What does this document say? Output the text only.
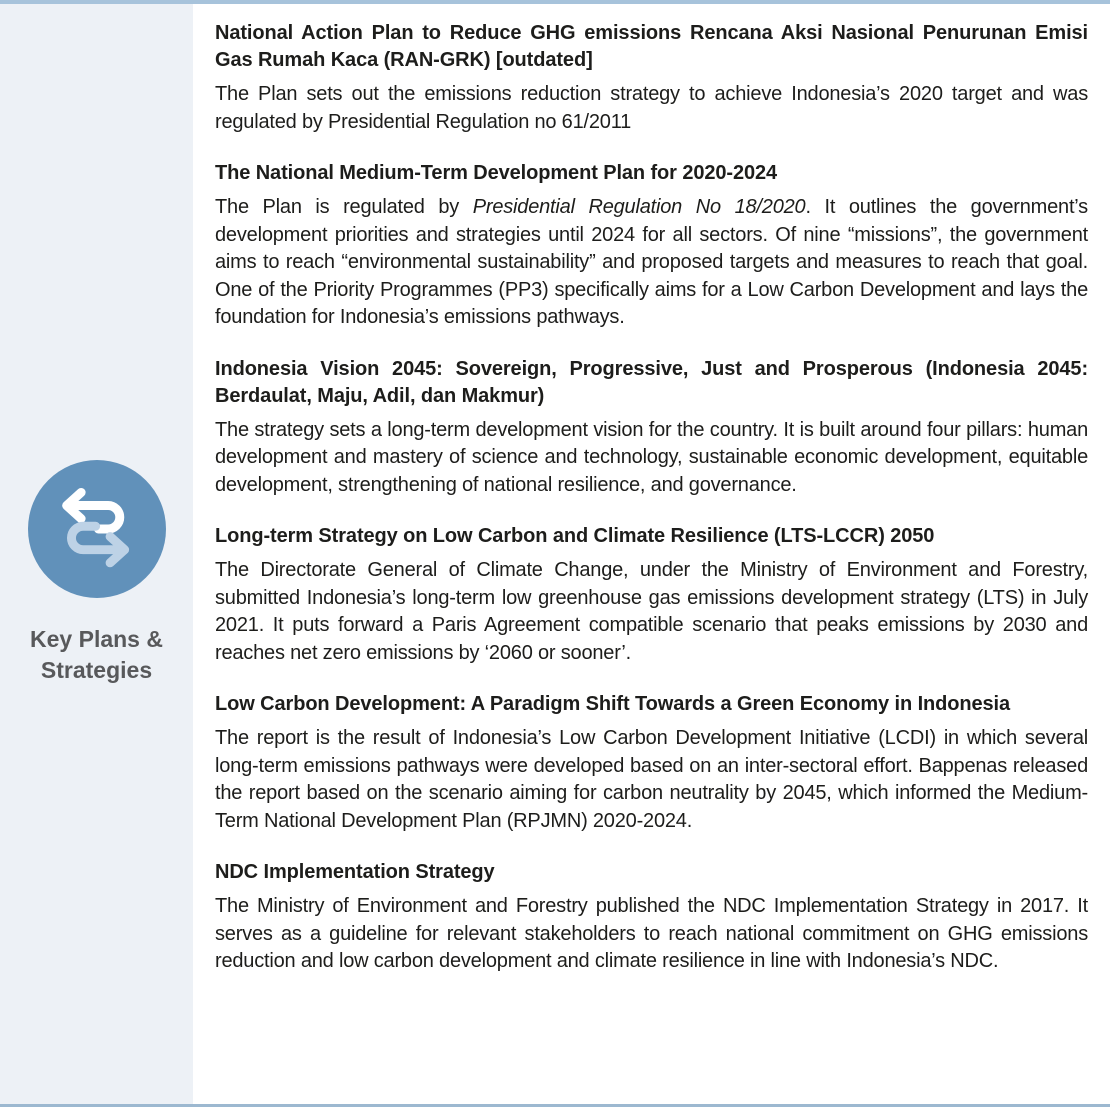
Key Plans & Strategies
National Action Plan to Reduce GHG emissions Rencana Aksi Nasional Penurunan Emisi Gas Rumah Kaca (RAN-GRK) [outdated]

The Plan sets out the emissions reduction strategy to achieve Indonesia’s 2020 target and was regulated by Presidential Regulation no 61/2011

The National Medium-Term Development Plan for 2020-2024

The Plan is regulated by Presidential Regulation No 18/2020. It outlines the government’s development priorities and strategies until 2024 for all sectors. Of nine “missions”, the government aims to reach “environmental sustainability” and proposed targets and measures to reach that goal. One of the Priority Programmes (PP3) specifically aims for a Low Carbon Development and lays the foundation for Indonesia’s emissions pathways.

Indonesia Vision 2045: Sovereign, Progressive, Just and Prosperous (Indonesia 2045: Berdaulat, Maju, Adil, dan Makmur)

The strategy sets a long-term development vision for the country. It is built around four pillars: human development and mastery of science and technology, sustainable economic development, equitable development, strengthening of national resilience, and governance.

Long-term Strategy on Low Carbon and Climate Resilience (LTS-LCCR) 2050

The Directorate General of Climate Change, under the Ministry of Environment and Forestry, submitted Indonesia’s long-term low greenhouse gas emissions development strategy (LTS) in July 2021. It puts forward a Paris Agreement compatible scenario that peaks emissions by 2030 and reaches net zero emissions by ‘2060 or sooner’.

Low Carbon Development: A Paradigm Shift Towards a Green Economy in Indonesia

The report is the result of Indonesia’s Low Carbon Development Initiative (LCDI) in which several long-term emissions pathways were developed based on an inter-sectoral effort. Bappenas released the report based on the scenario aiming for carbon neutrality by 2045, which informed the Medium-Term National Development Plan (RPJMN) 2020-2024.

NDC Implementation Strategy

The Ministry of Environment and Forestry published the NDC Implementation Strategy in 2017. It serves as a guideline for relevant stakeholders to reach national commitment on GHG emissions reduction and low carbon development and climate resilience in line with Indonesia’s NDC.
